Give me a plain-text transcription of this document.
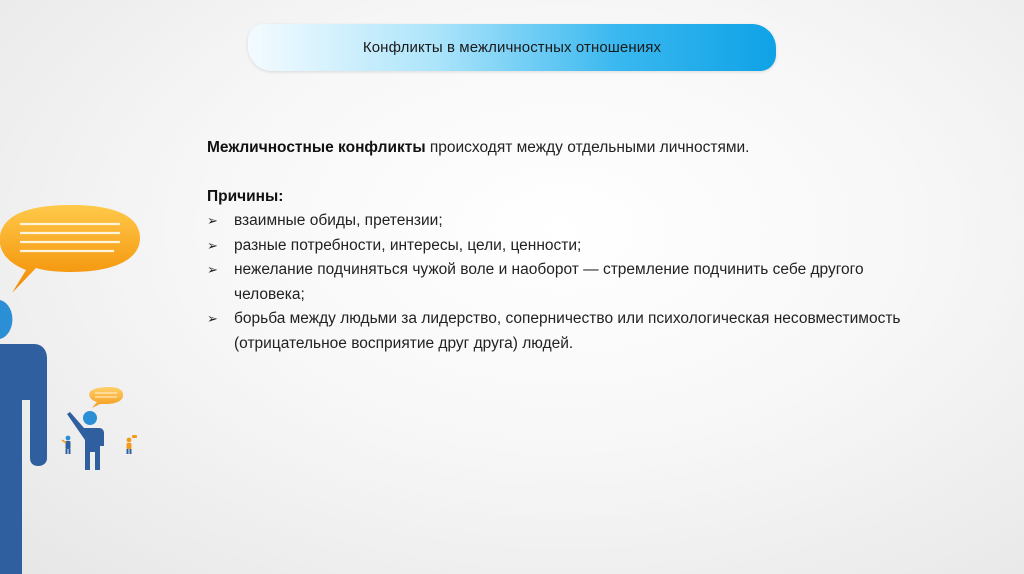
Конфликты в межличностных отношениях

Межличностные конфликты происходят между отдельными личностями.

Причины:

➢ взаимные обиды, претензии;
➢ разные потребности, интересы, цели, ценности;
➢ нежелание подчиняться чужой воле и наоборот — стремление подчинить себе другого человека;
➢ борьба между людьми за лидерство, соперничество или психологическая несовместимость (отрицательное восприятие друг друга) людей.
